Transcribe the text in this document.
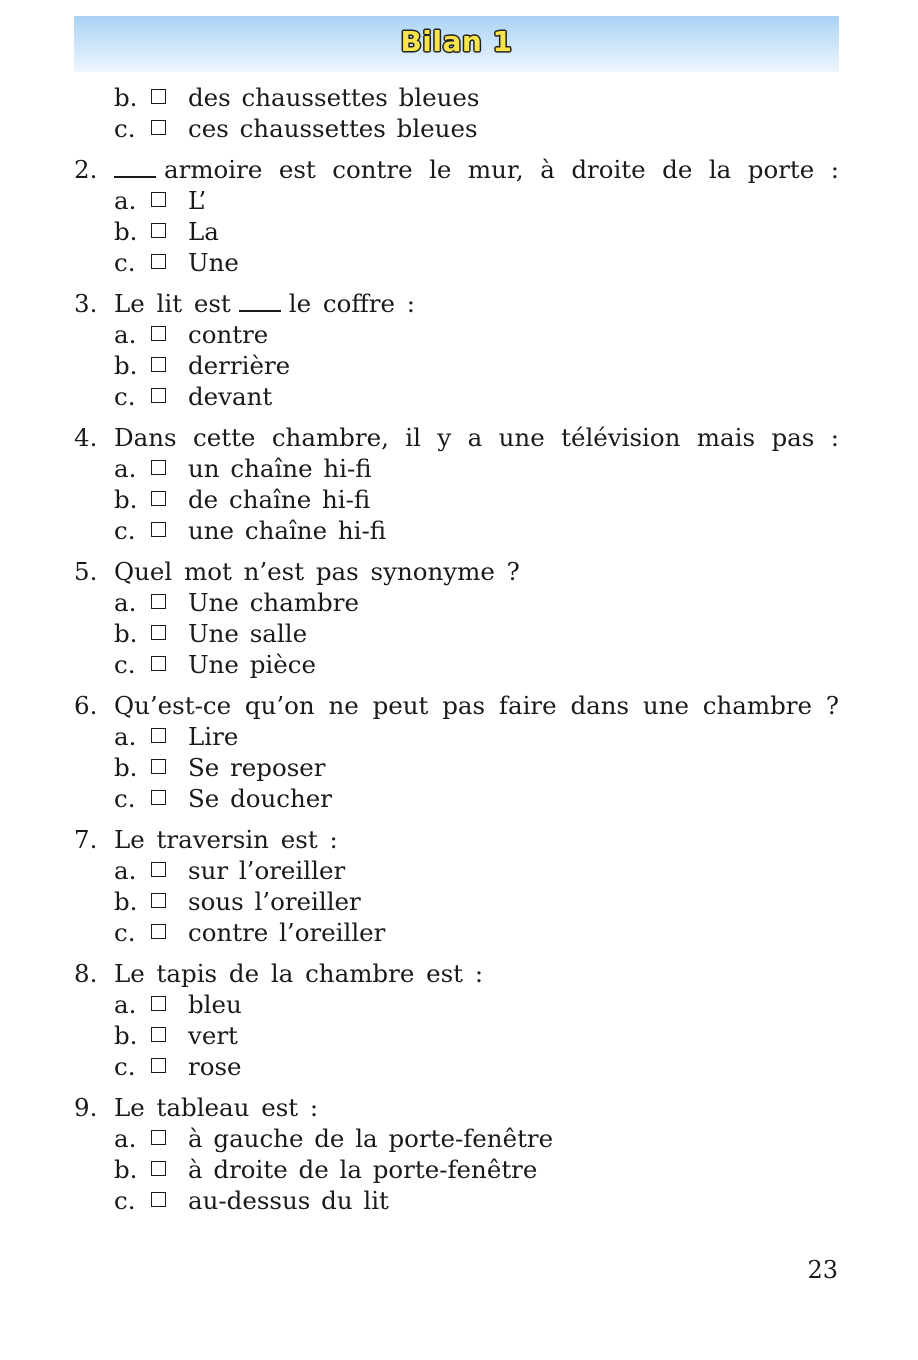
Bilan 1
b. des chaussettes bleues
c. ces chaussettes bleues
2.	armoire est contre le mur, à droite de la porte :
a. L’
b. La
c. Une
3. Le lit est le coffre :
a. contre
b. derrière
c. devant
4. Dans cette chambre, il y a une télévision mais pas :
a. un chaîne hi-fi
b. de chaîne hi-fi
c. une chaîne hi-fi
5. Quel mot n’est pas synonyme ?
a. Une chambre
b. Une salle
c. Une pièce
6. Qu’est-ce qu’on ne peut pas faire dans une chambre ?
a. Lire
b. Se reposer
c. Se doucher
7. Le traversin est :
a. sur l’oreiller
b. sous l’oreiller
c. contre l’oreiller
8. Le tapis de la chambre est :
a. bleu
b. vert
c. rose
9. Le tableau est :
a. à gauche de la porte-fenêtre
b. à droite de la porte-fenêtre
c. au-dessus du lit
23
